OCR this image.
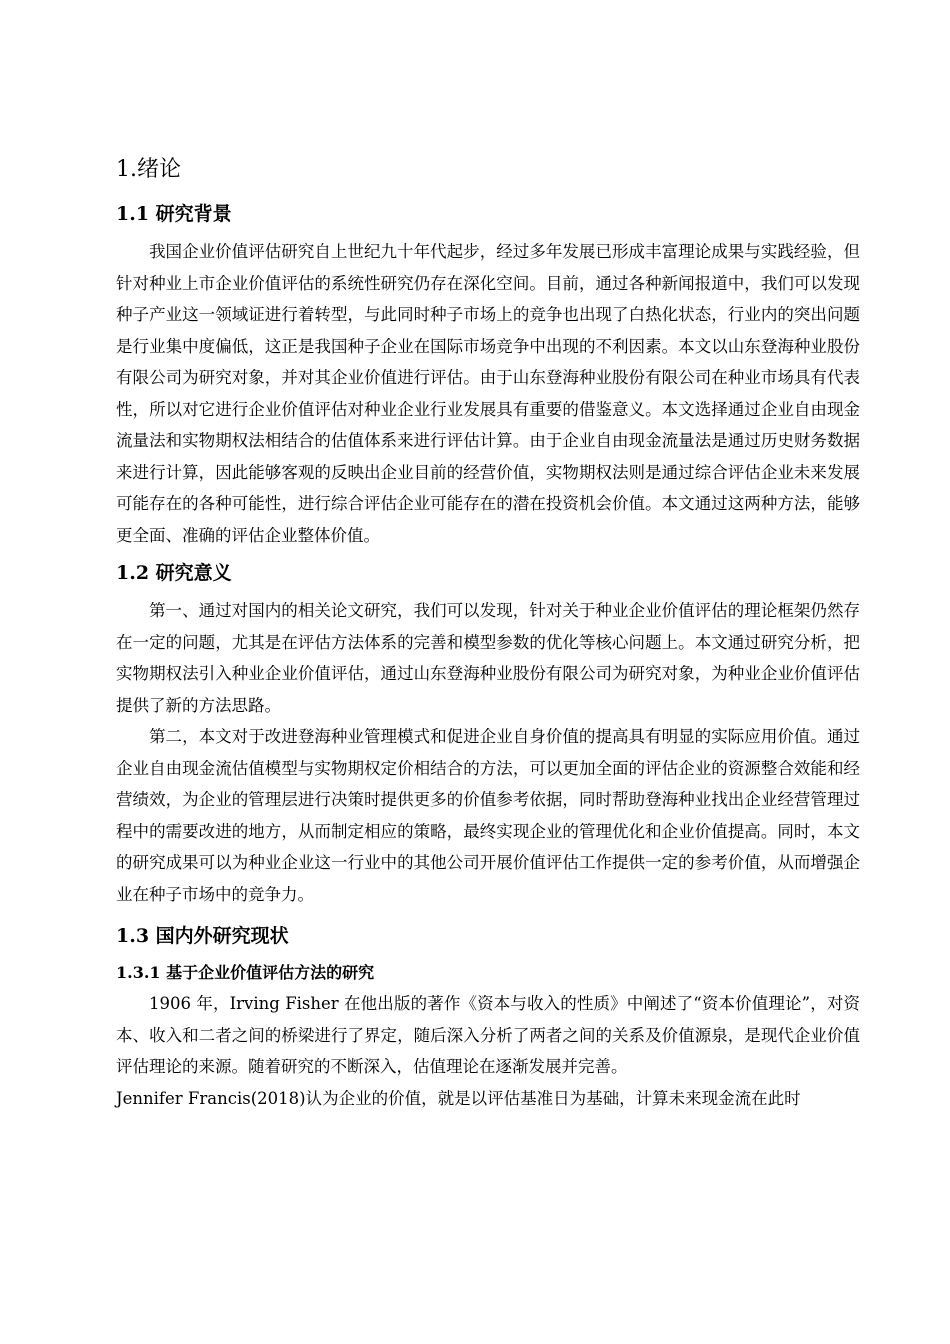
1.绪论
1.1 研究背景

我国企业价值评估研究自上世纪九十年代起步，经过多年发展已形成丰富理论成果与实践经验，但针对种业上市企业价值评估的系统性研究仍存在深化空间。目前，通过各种新闻报道中，我们可以发现种子产业这一领域证进行着转型，与此同时种子市场上的竞争也出现了白热化状态，行业内的突出问题是行业集中度偏低，这正是我国种子企业在国际市场竞争中出现的不利因素。本文以山东登海种业股份有限公司为研究对象，并对其企业价值进行评估。由于山东登海种业股份有限公司在种业市场具有代表性，所以对它进行企业价值评估对种业企业行业发展具有重要的借鉴意义。本文选择通过企业自由现金流量法和实物期权法相结合的估值体系来进行评估计算。由于企业自由现金流量法是通过历史财务数据来进行计算，因此能够客观的反映出企业目前的经营价值，实物期权法则是通过综合评估企业未来发展可能存在的各种可能性，进行综合评估企业可能存在的潜在投资机会价值。本文通过这两种方法，能够更全面、准确的评估企业整体价值。

1.2 研究意义

第一、通过对国内的相关论文研究，我们可以发现，针对关于种业企业价值评估的理论框架仍然存在一定的问题，尤其是在评估方法体系的完善和模型参数的优化等核心问题上。本文通过研究分析，把实物期权法引入种业企业价值评估，通过山东登海种业股份有限公司为研究对象，为种业企业价值评估提供了新的方法思路。

第二，本文对于改进登海种业管理模式和促进企业自身价值的提高具有明显的实际应用价值。通过企业自由现金流估值模型与实物期权定价相结合的方法，可以更加全面的评估企业的资源整合效能和经营绩效，为企业的管理层进行决策时提供更多的价值参考依据，同时帮助登海种业找出企业经营管理过程中的需要改进的地方，从而制定相应的策略，最终实现企业的管理优化和企业价值提高。同时，本文的研究成果可以为种业企业这一行业中的其他公司开展价值评估工作提供一定的参考价值，从而增强企业在种子市场中的竞争力。

1.3 国内外研究现状
1.3.1 基于企业价值评估方法的研究

1906 年，Irving Fisher 在他出版的著作《资本与收入的性质》中阐述了“资本价值理论”，对资本、收入和二者之间的桥梁进行了界定，随后深入分析了两者之间的关系及价值源泉，是现代企业价值评估理论的来源。随着研究的不断深入，估值理论在逐渐发展并完善。

Jennifer Francis(2018)认为企业的价值，就是以评估基准日为基础，计算未来现金流在此时
